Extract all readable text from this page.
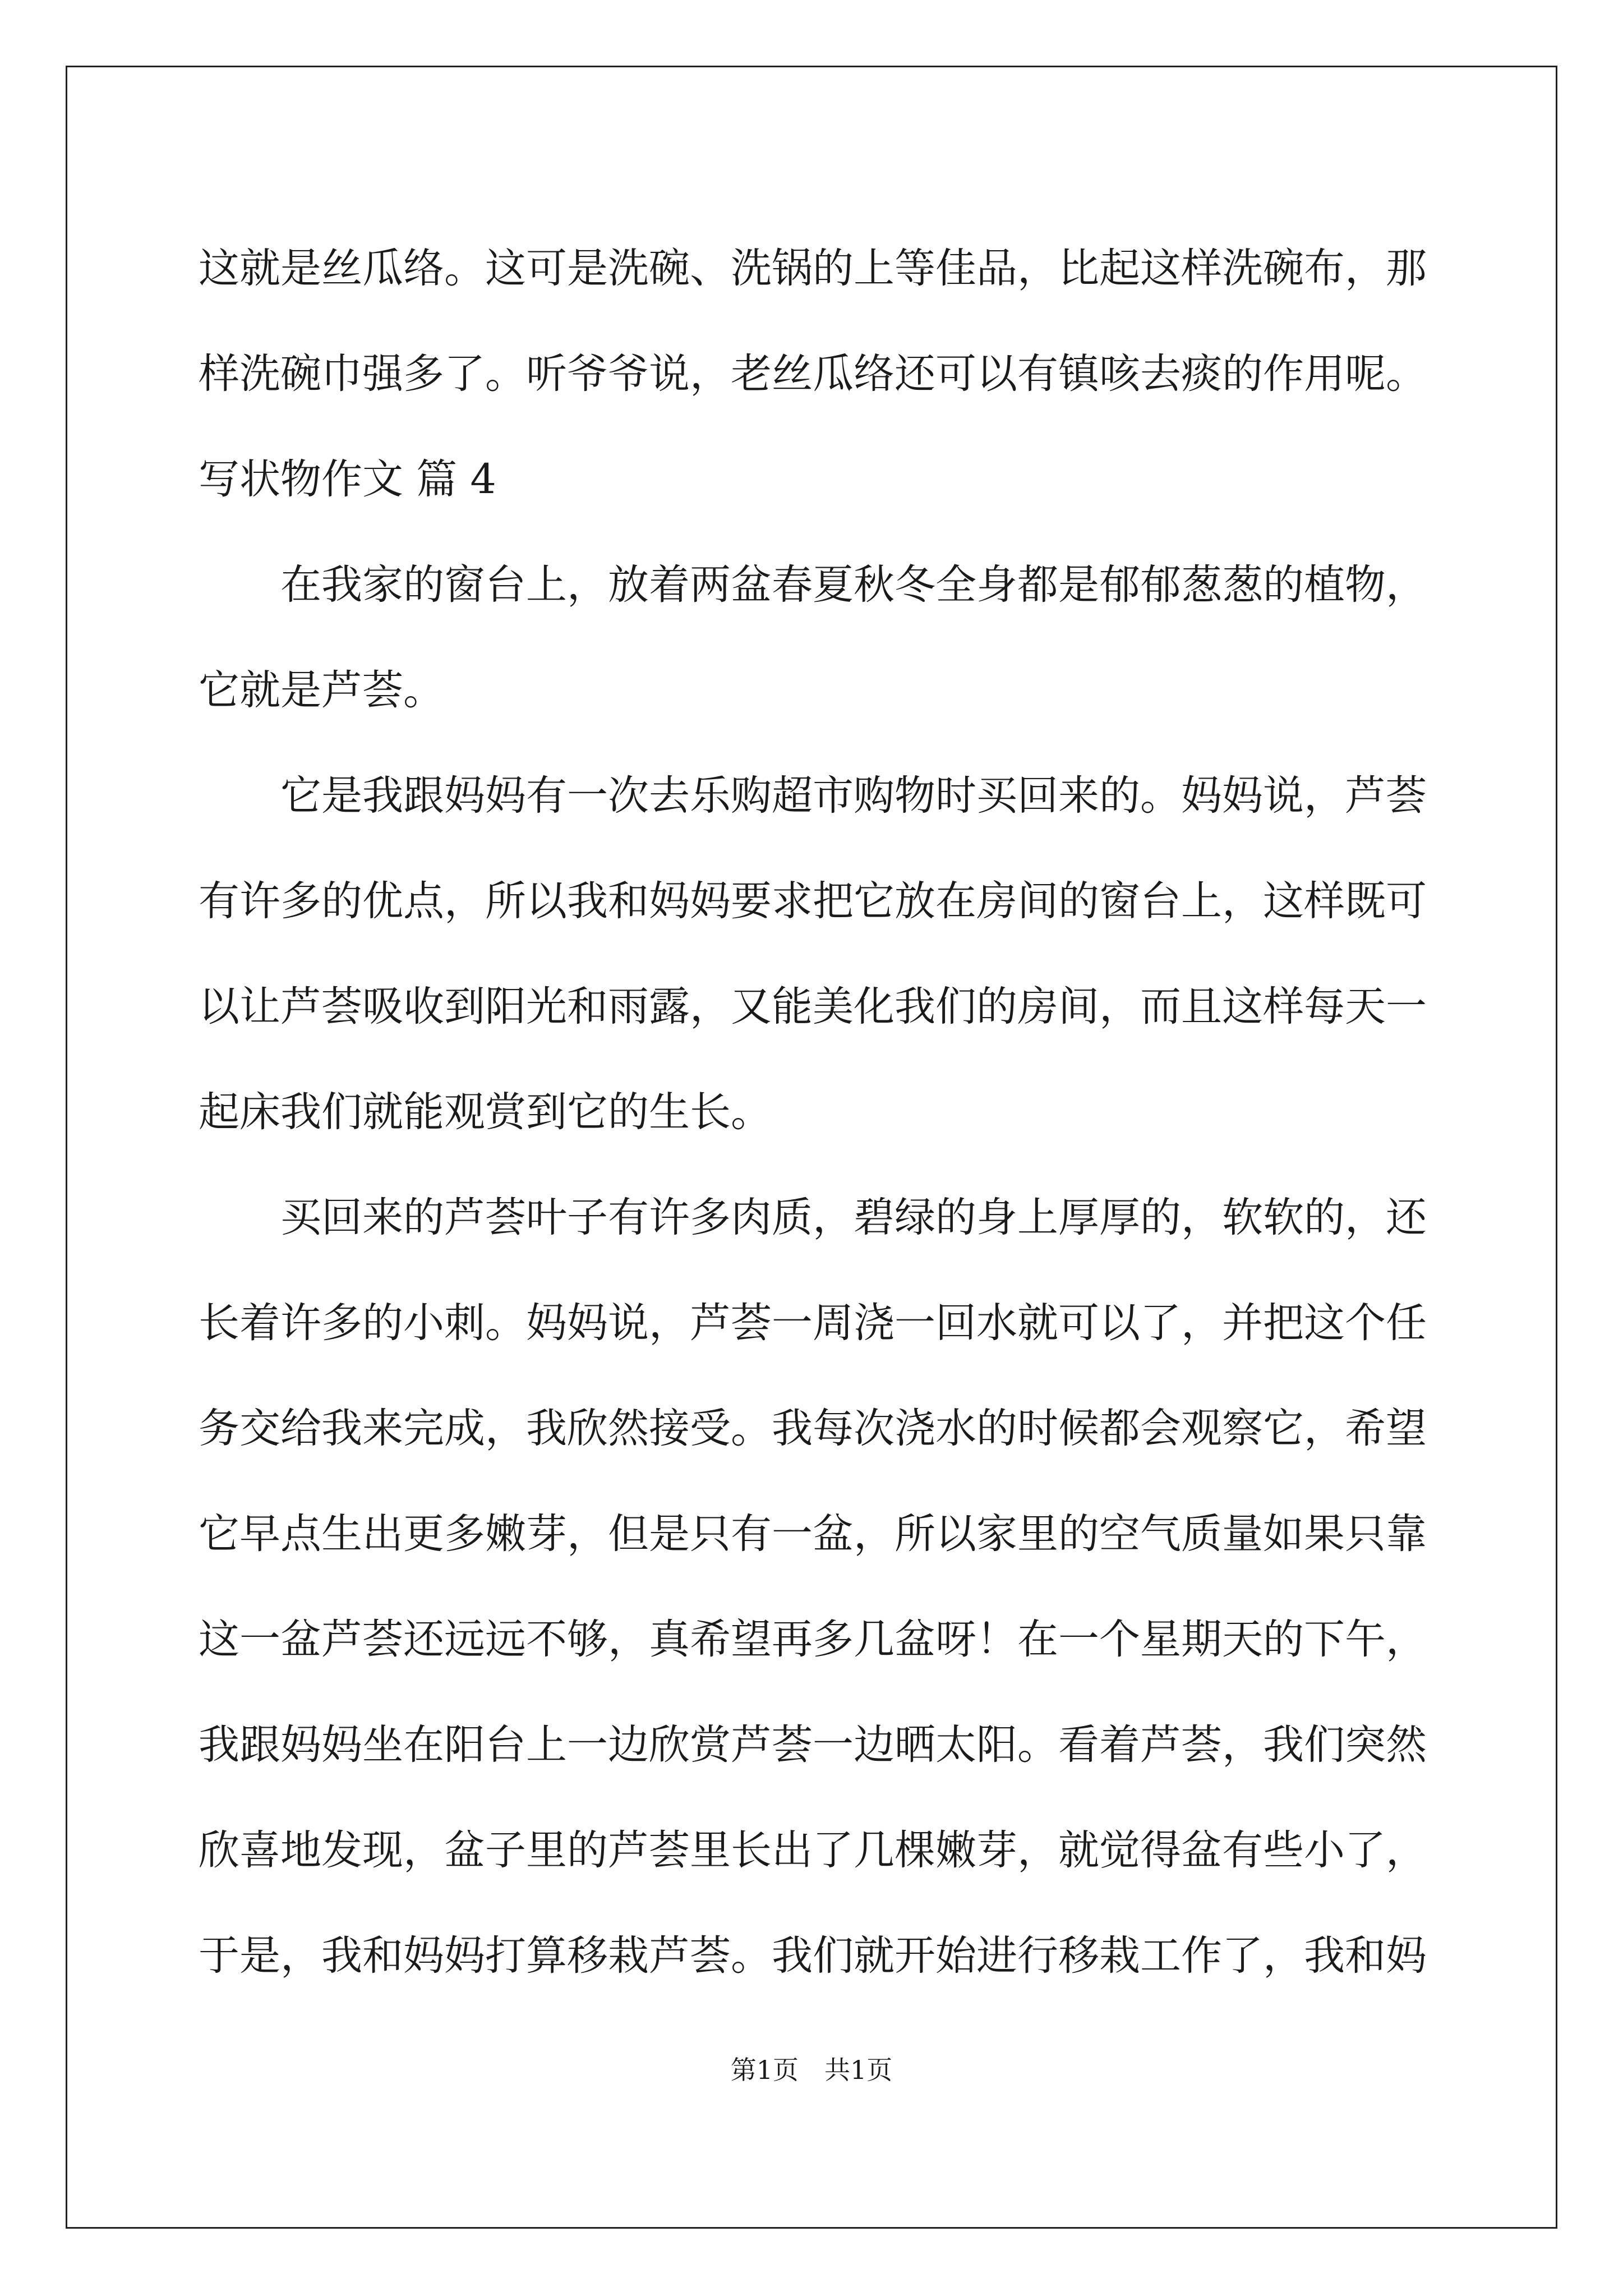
这就是丝瓜络。这可是洗碗、洗锅的上等佳品，比起这样洗碗布，那
样洗碗巾强多了。听爷爷说，老丝瓜络还可以有镇咳去痰的作用呢。
写状物作文 篇 4
在我家的窗台上，放着两盆春夏秋冬全身都是郁郁葱葱的植物，
它就是芦荟。
它是我跟妈妈有一次去乐购超市购物时买回来的。妈妈说，芦荟
有许多的优点，所以我和妈妈要求把它放在房间的窗台上，这样既可
以让芦荟吸收到阳光和雨露，又能美化我们的房间，而且这样每天一
起床我们就能观赏到它的生长。
买回来的芦荟叶子有许多肉质，碧绿的身上厚厚的，软软的，还
长着许多的小刺。妈妈说，芦荟一周浇一回水就可以了，并把这个任
务交给我来完成，我欣然接受。我每次浇水的时候都会观察它，希望
它早点生出更多嫩芽，但是只有一盆，所以家里的空气质量如果只靠
这一盆芦荟还远远不够，真希望再多几盆呀！在一个星期天的下午，
我跟妈妈坐在阳台上一边欣赏芦荟一边晒太阳。看着芦荟，我们突然
欣喜地发现，盆子里的芦荟里长出了几棵嫩芽，就觉得盆有些小了，
于是，我和妈妈打算移栽芦荟。我们就开始进行移栽工作了，我和妈
第1页 共1页
